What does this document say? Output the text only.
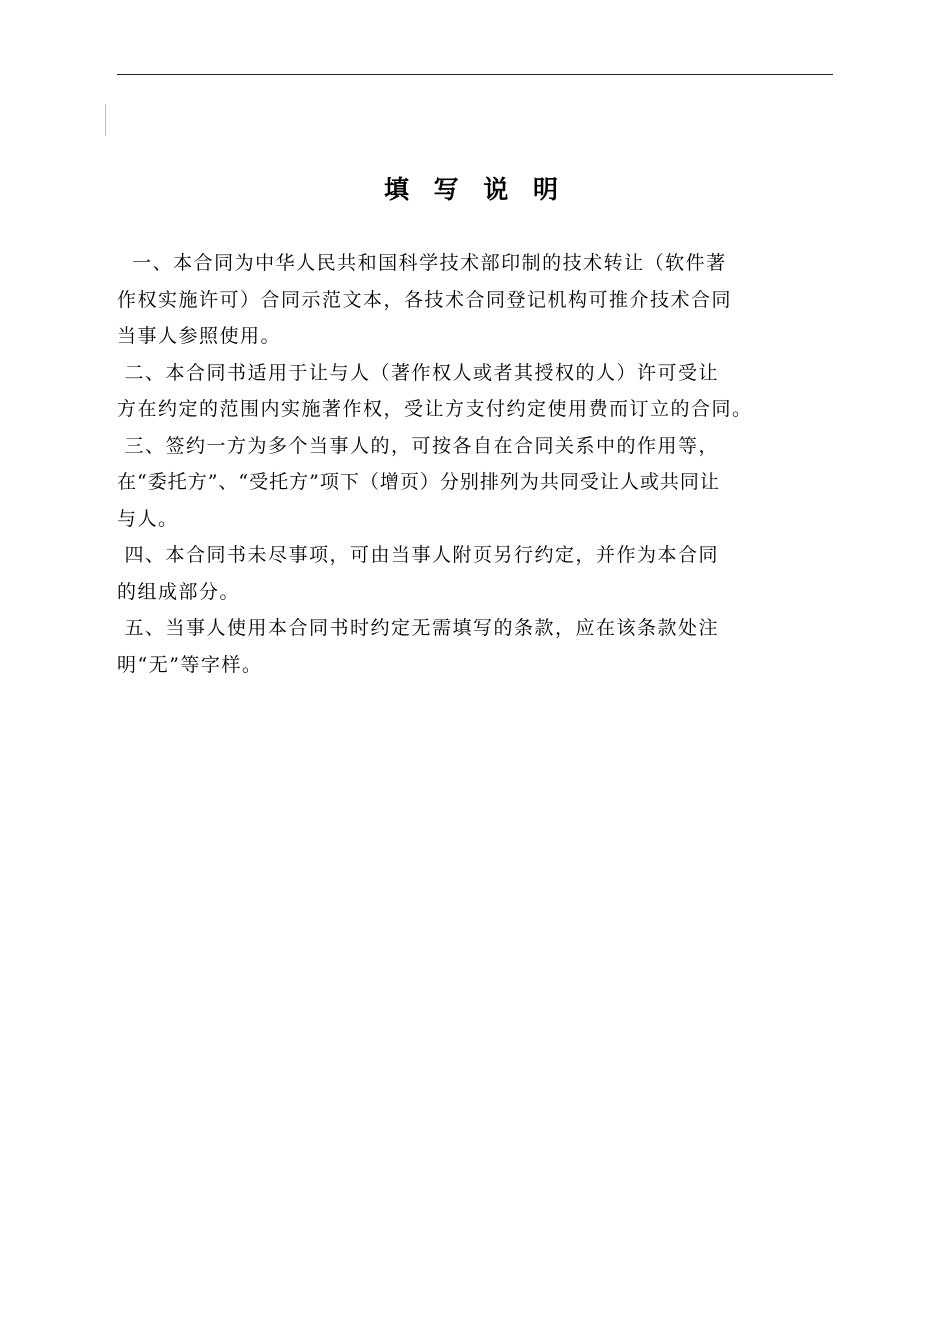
填 写 说 明
一、本合同为中华人民共和国科学技术部印制的技术转让（软件著
作权实施许可）合同示范文本，各技术合同登记机构可推介技术合同
当事人参照使用。
二、本合同书适用于让与人（著作权人或者其授权的人）许可受让
方在约定的范围内实施著作权，受让方支付约定使用费而订立的合同。
三、签约一方为多个当事人的，可按各自在合同关系中的作用等，
在“委托方”、“受托方”项下（增页）分别排列为共同受让人或共同让
与人。
四、本合同书未尽事项，可由当事人附页另行约定，并作为本合同
的组成部分。
五、当事人使用本合同书时约定无需填写的条款，应在该条款处注
明“无”等字样。
